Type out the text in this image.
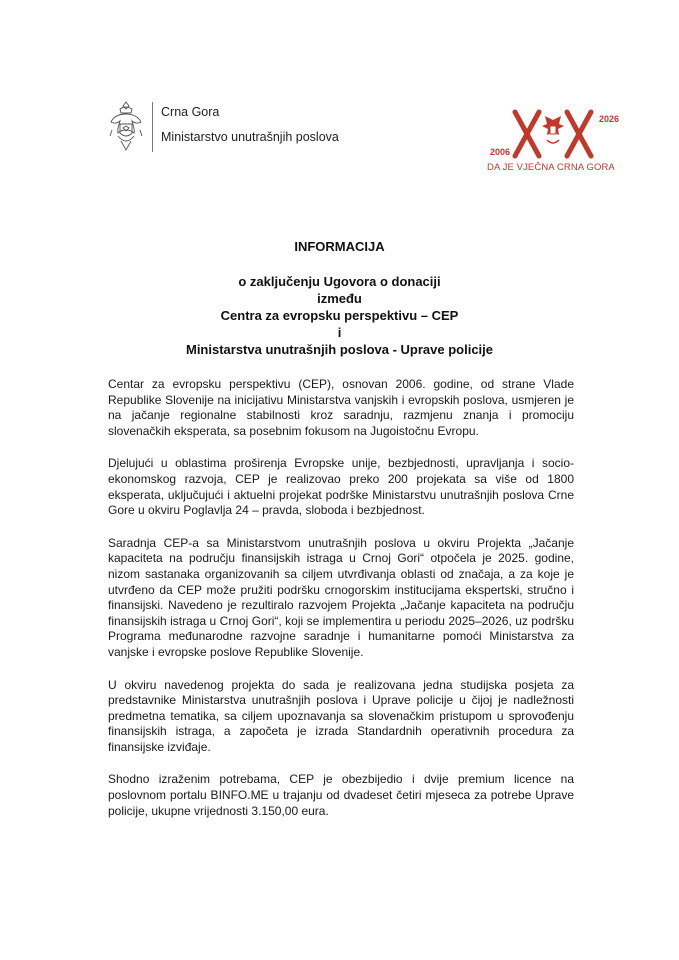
Crna Gora
Ministarstvo unutrašnjih poslova
2006
2026
DA JE VJEČNA CRNA GORA
INFORMACIJA
o zaključenju Ugovora o donaciji
između
Centra za evropsku perspektivu – CEP
i
Ministarstva unutrašnjih poslova - Uprave policije

Centar za evropsku perspektivu (CEP), osnovan 2006. godine, od strane Vlade Republike Slovenije na inicijativu Ministarstva vanjskih i evropskih poslova, usmjeren je na jačanje regionalne stabilnosti kroz saradnju, razmjenu znanja i promociju slovenačkih eksperata, sa posebnim fokusom na Jugoistočnu Evropu.

Djelujući u oblastima proširenja Evropske unije, bezbjednosti, upravljanja i socio-ekonomskog razvoja, CEP je realizovao preko 200 projekata sa više od 1800 eksperata, uključujući i aktuelni projekat podrške Ministarstvu unutrašnjih poslova Crne Gore u okviru Poglavlja 24 – pravda, sloboda i bezbjednost.

Saradnja CEP-a sa Ministarstvom unutrašnjih poslova u okviru Projekta „Jačanje kapaciteta na području finansijskih istraga u Crnoj Gori“ otpočela je 2025. godine, nizom sastanaka organizovanih sa ciljem utvrđivanja oblasti od značaja, a za koje je utvrđeno da CEP može pružiti podršku crnogorskim institucijama ekspertski, stručno i finansijski. Navedeno je rezultiralo razvojem Projekta „Jačanje kapaciteta na području finansijskih istraga u Crnoj Gori“, koji se implementira u periodu 2025–2026, uz podršku Programa međunarodne razvojne saradnje i humanitarne pomoći Ministarstva za vanjske i evropske poslove Republike Slovenije.

U okviru navedenog projekta do sada je realizovana jedna studijska posjeta za predstavnike Ministarstva unutrašnjih poslova i Uprave policije u čijoj je nadležnosti predmetna tematika, sa ciljem upoznavanja sa slovenačkim pristupom u sprovođenju finansijskih istraga, a započeta je izrada Standardnih operativnih procedura za finansijske izviđaje.

Shodno izraženim potrebama, CEP je obezbijedio i dvije premium licence na poslovnom portalu BINFO.ME u trajanju od dvadeset četiri mjeseca za potrebe Uprave policije, ukupne vrijednosti 3.150,00 eura.
